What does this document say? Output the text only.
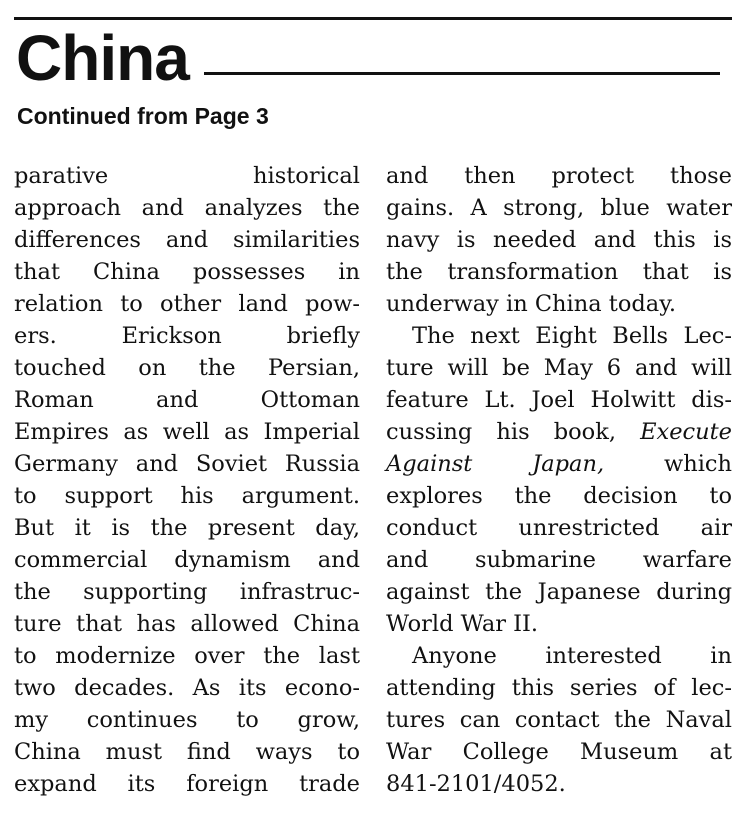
China

Continued from Page 3

parative historical
approach and analyzes the
differences and similarities
that China possesses in
relation to other land pow-
ers. Erickson briefly
touched on the Persian,
Roman and Ottoman
Empires as well as Imperial
Germany and Soviet Russia
to support his argument.
But it is the present day,
commercial dynamism and
the supporting infrastruc-
ture that has allowed China
to modernize over the last
two decades. As its econo-
my continues to grow,
China must find ways to
expand its foreign trade
and then protect those
gains. A strong, blue water
navy is needed and this is
the transformation that is
underway in China today.
The next Eight Bells Lec-
ture will be May 6 and will
feature Lt. Joel Holwitt dis-
cussing his book, Execute
Against Japan,	which
explores the decision to
conduct unrestricted air
and submarine warfare
against the Japanese during
World War II.
Anyone interested in
attending this series of lec-
tures can contact the Naval
War College Museum at
841-2101/4052.
